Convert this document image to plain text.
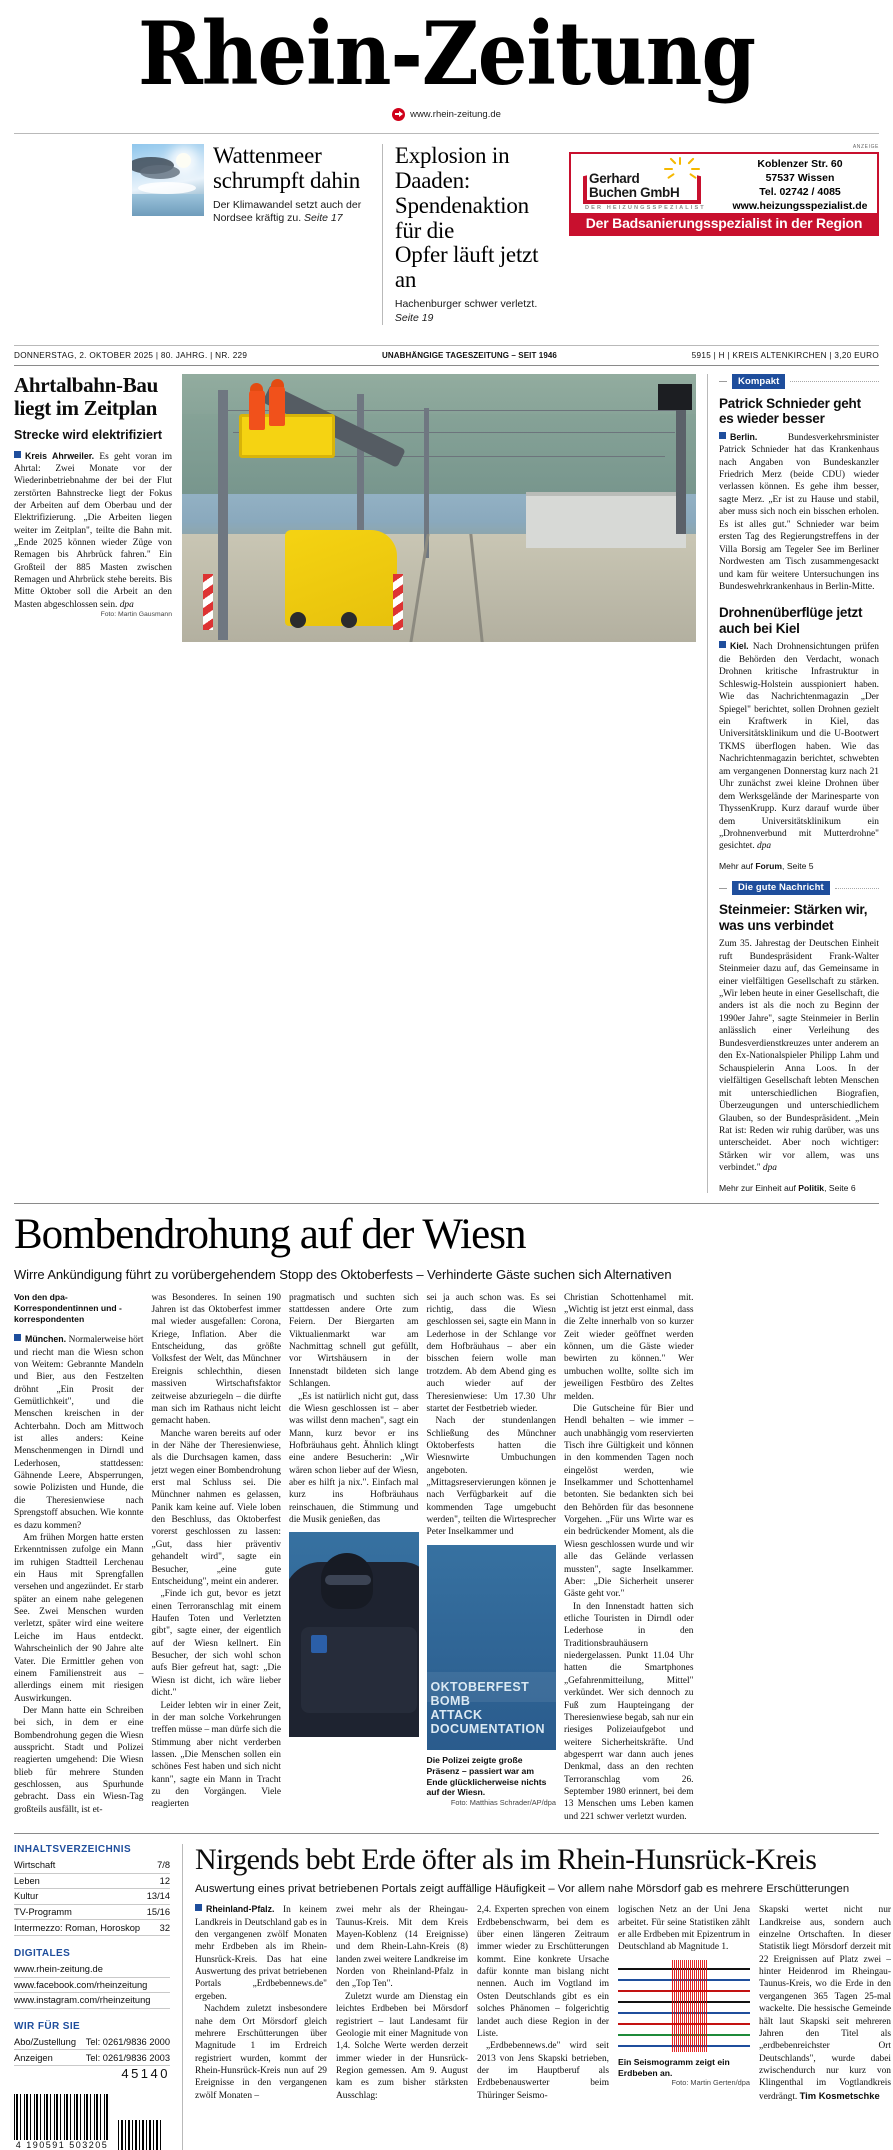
Rhein-Zeitung
www.rhein-zeitung.de
Wattenmeer
schrumpft dahin
Der Klimawandel setzt auch der Nordsee kräftig zu. Seite 17
Explosion in Daaden:
Spendenaktion für die
Opfer läuft jetzt an
Hachenburger schwer verletzt. Seite 19
ANZEIGE
Gerhard
Buchen GmbH
DER HEIZUNGSSPEZIALIST
Koblenzer Str. 60
57537 Wissen
Tel. 02742 / 4085
www.heizungsspezialist.de
Der Badsanierungsspezialist in der Region
DONNERSTAG, 2. OKTOBER 2025 | 80. JAHRG. | NR. 229	UNABHÄNGIGE TAGESZEITUNG – SEIT 1946	5915 | H | KREIS ALTENKIRCHEN | 3,20 EURO
Ahrtalbahn-Bau
liegt im Zeitplan
Strecke wird elektrifiziert
Kreis Ahrweiler. Es geht voran im Ahrtal: Zwei Monate vor der Wiederinbetriebnahme der bei der Flut zerstörten Bahnstrecke liegt der Fokus der Arbeiten auf dem Oberbau und der Elektrifizierung. „Die Arbeiten liegen weiter im Zeitplan", teilte die Bahn mit. „Ende 2025 können wieder Züge von Remagen bis Ahrbrück fahren." Ein Großteil der 885 Masten zwischen Remagen und Ahrbrück stehe bereits. Bis Mitte Oktober soll die Arbeit an den Masten abgeschlossen sein. dpa
Foto: Martin Gausmann
Kompakt
Patrick Schnieder geht es wieder besser
Berlin.	Bundesverkehrsminister Patrick Schnieder hat das Krankenhaus nach Angaben von Bundeskanzler Friedrich Merz (beide CDU) wieder verlassen können. Es gehe ihm besser, sagte Merz. „Er ist zu Hause und stabil, aber muss sich noch ein bisschen erholen. Es ist alles gut." Schnieder war beim ersten Tag des Regierungstreffens in der Villa Borsig am Tegeler See im Berliner Nordwesten am Tisch zusammengesackt und kam für weitere Untersuchungen ins Bundeswehrkrankenhaus in Berlin-Mitte.
Drohnenüberflüge jetzt auch bei Kiel
Kiel. Nach Drohnensichtungen prüfen die Behörden den Verdacht, wonach Drohnen kritische Infrastruktur in Schleswig-Holstein ausspioniert haben. Wie das Nachrichtenmagazin „Der Spiegel" berichtet, sollen Drohnen gezielt ein Kraftwerk in Kiel, das Universitätsklinikum und die U-Bootwert TKMS überflogen haben. Wie das Nachrichtenmagazin berichtet, schwebten am vergangenen Donnerstag kurz nach 21 Uhr zunächst zwei kleine Drohnen über dem Werksgelände der Marinesparte von ThyssenKrupp. Kurz darauf wurde über dem Universitätsklinikum ein „Drohnenverbund mit Mutterdrohne" gesichtet. dpa
Mehr auf Forum, Seite 5
Die gute Nachricht
Steinmeier: Stärken wir, was uns verbindet
Zum 35. Jahrestag der Deutschen Einheit ruft Bundespräsident Frank-Walter Steinmeier dazu auf, das Gemeinsame in einer vielfältigen Gesellschaft zu stärken. „Wir leben heute in einer Gesellschaft, die anders ist als die noch zu Beginn der 1990er Jahre", sagte Steinmeier in Berlin anlässlich einer Verleihung des Bundesverdienstkreuzes unter anderem an den Ex-Nationalspieler Philipp Lahm und Schauspielerin Anna Loos. In der vielfältigen Gesellschaft lebten Menschen mit unterschiedlichen Biografien, Überzeugungen und unterschiedlichem Glauben, so der Bundespräsident. „Mein Rat ist: Reden wir ruhig darüber, was uns unterscheidet. Aber noch wichtiger: Stärken wir vor allem, was uns verbindet." dpa
Mehr zur Einheit auf Politik, Seite 6
Bombendrohung auf der Wiesn
Wirre Ankündigung führt zu vorübergehendem Stopp des Oktoberfests – Verhinderte Gäste suchen sich Alternativen
Von den dpa-Korrespondentinnen und -korrespondenten

München. Normalerweise hört und riecht man die Wiesn schon von Weitem: Gebrannte Mandeln und Bier, aus den Festzelten dröhnt „Ein Prosit der Gemütlichkeit", und die Menschen kreischen in der Achterbahn. Doch am Mittwoch ist alles anders: Keine Menschenmengen in Dirndl und Lederhosen, stattdessen: Gähnende Leere, Absperrungen, sowie Polizisten und Hunde, die die Theresienwiese nach Sprengstoff absuchen. Wie konnte es dazu kommen?

Am frühen Morgen hatte ersten Erkenntnissen zufolge ein Mann im ruhigen Stadtteil Lerchenau ein Haus mit Sprengfallen versehen und angezündet. Er starb später an einem nahe gelegenen See. Zwei Menschen wurden verletzt, später wird eine weitere Leiche im Haus entdeckt. Wahrscheinlich der 90 Jahre alte Vater. Die Ermittler gehen von einem Familienstreit aus – allerdings einem mit riesigen Auswirkungen.

Der Mann hatte ein Schreiben bei sich, in dem er eine Bombendrohung gegen die Wiesn ausspricht. Stadt und Polizei reagierten umgehend: Die Wiesn blieb für mehrere Stunden geschlossen, aus Spurhunde gebracht. Dass ein Wiesn-Tag großteils ausfällt, ist et-

was Besonderes. In seinen 190 Jahren ist das Oktoberfest immer mal wieder ausgefallen: Corona, Kriege, Inflation. Aber die Entscheidung, das größte Volksfest der Welt, das Münchner Ereignis schlechthin, diesen massiven Wirtschaftsfaktor zeitweise abzuriegeln – die dürfte man sich im Rathaus nicht leicht gemacht haben.

Manche waren bereits auf oder in der Nähe der Theresienwiese, als die Durchsagen kamen, dass jetzt wegen einer Bombendrohung erst mal Schluss sei. Die Münchner nahmen es gelassen, Panik kam keine auf. Viele loben den Beschluss, das Oktoberfest vorerst geschlossen zu lassen: „Gut, dass hier präventiv gehandelt wird", sagte ein Besucher, „eine gute Entscheidung", meint ein anderer.

„Finde ich gut, bevor es jetzt einen Terroranschlag mit einem Haufen Toten und Verletzten gibt", sagte einer, der eigentlich auf der Wiesn kellnert. Ein Besucher, der sich wohl schon aufs Bier gefreut hat, sagt: „Die Wiesn ist dicht, ich wäre lieber dicht."

Leider lebten wir in einer Zeit, in der man solche Vorkehrungen treffen müsse – man dürfe sich die Stimmung aber nicht verderben lassen. „Die Menschen sollen ein schönes Fest haben und sich nicht kann", sagte ein Mann in Tracht zu den Vorgängen. Viele reagierten

pragmatisch und suchten sich stattdessen andere Orte zum Feiern. Der Biergarten am Viktualienmarkt war am Nachmittag schnell gut gefüllt, vor Wirtshäusern in der Innenstadt bildeten sich lange Schlangen.

„Es ist natürlich nicht gut, dass die Wiesn geschlossen ist – aber was willst denn machen", sagt ein Mann, kurz bevor er ins Hofbräuhaus geht. Ähnlich klingt eine andere Besucherin: „Wir wären schon lieber auf der Wiesn, aber es hilft ja nix.". Einfach mal kurz ins Hofbräuhaus reinschauen, die Stimmung und die Musik genießen, das

sei ja auch schon was. Es sei richtig, dass die Wiesn geschlossen sei, sagte ein Mann in Lederhose in der Schlange vor dem Hofbräuhaus – aber ein bisschen feiern wolle man trotzdem. Ab dem Abend ging es auch wieder auf der Theresienwiese: Um 17.30 Uhr startet der Festbetrieb wieder.

Nach der stundenlangen Schließung des Münchner Oktoberfests hatten die Wiesnwirte Umbuchungen angeboten. „Mittagsreservierungen können je nach Verfügbarkeit auf die kommenden Tage umgebucht werden", teilten die Wirtesprecher Peter Inselkammer und

OKTOBERFEST BOMB
ATTACK DOCUMENTATION
Die Polizei zeigte große Präsenz – passiert war am Ende glücklicherweise nichts auf der Wiesn.
Foto: Matthias Schrader/AP/dpa

Christian Schottenhamel mit. „Wichtig ist jetzt erst einmal, dass die Zelte innerhalb von so kurzer Zeit wieder geöffnet werden können, um die Gäste wieder bewirten zu können." Wer umbuchen wollte, sollte sich im jeweiligen Festbüro des Zeltes melden.

Die Gutscheine für Bier und Hendl behalten – wie immer – auch unabhängig vom reservierten Tisch ihre Gültigkeit und können in den kommenden Tagen noch eingelöst werden, wie Inselkammer und Schottenhamel betonten. Sie bedankten sich bei den Behörden für das besonnene Vorgehen. „Für uns Wirte war es ein bedrückender Moment, als die Wiesn geschlossen wurde und wir alle das Gelände verlassen mussten", sagte Inselkammer. Aber: „Die Sicherheit unserer Gäste geht vor."

In den Innenstadt hatten sich etliche Touristen in Dirndl oder Lederhose in den Traditionsbrauhäusern niedergelassen. Punkt 11.04 Uhr hatten die Smartphones „Gefahrenmitteilung, Mittel" verkündet. Wer sich dennoch zu Fuß zum Haupteingang der Theresienwiese begab, sah nur ein riesiges Polizeiaufgebot und weitere Sicherheitskräfte. Und abgesperrt war dann auch jenes Denkmal, dass an den rechten Terroranschlag vom 26. September 1980 erinnert, bei dem 13 Menschen ums Leben kamen und 221 schwer verletzt wurden.

INHALTSVERZEICHNIS
Wirtschaft	7/8
Leben	12
Kultur	13/14
TV-Programm	15/16
Intermezzo: Roman, Horoskop 32
DIGITALES
www.rhein-zeitung.de
www.facebook.com/rheinzeitung
www.instagram.com/rheinzeitung
WIR FÜR SIE
Abo/Zustellung Tel: 0261/9836 2000
Anzeigen	Tel: 0261/9836 2003
45140
4 190591 503205
Nirgends bebt Erde öfter als im Rhein-Hunsrück-Kreis
Auswertung eines privat betriebenen Portals zeigt auffällige Häufigkeit – Vor allem nahe Mörsdorf gab es mehrere Erschütterungen

Rheinland-Pfalz. In keinem Landkreis in Deutschland gab es in den vergangenen zwölf Monaten mehr Erdbeben als im Rhein-Hunsrück-Kreis. Das hat eine Auswertung des privat betriebenen Portals „Erdbebennews.de" ergeben.

Nachdem zuletzt insbesondere nahe dem Ort Mörsdorf gleich mehrere Erschütterungen über Magnitude 1 im Erdreich registriert wurden, kommt der Rhein-Hunsrück-Kreis nun auf 29 Ereignisse in den vergangenen zwölf Monaten –

zwei mehr als der Rheingau-Taunus-Kreis. Mit dem Kreis Mayen-Koblenz (14 Ereignisse) und dem Rhein-Lahn-Kreis (8) landen zwei weitere Landkreise im Norden von Rheinland-Pfalz in den „Top Ten".

Zuletzt wurde am Dienstag ein leichtes Erdbeben bei Mörsdorf registriert – laut Landesamt für Geologie mit einer Magnitude von 1,4. Solche Werte werden derzeit immer wieder in der Hunsrück-Region gemessen. Am 9. August kam es zum bisher stärksten Ausschlag:

2,4. Experten sprechen von einem Erdbebenschwarm, bei dem es über einen längeren Zeitraum immer wieder zu Erschütterungen kommt. Eine konkrete Ursache dafür konnte man bislang nicht nennen. Auch im Vogtland im Osten Deutschlands gibt es ein solches Phänomen – folgerichtig landet auch diese Region in der Liste.

„Erdbebennews.de" wird seit 2013 von Jens Skapski betrieben, der im Hauptberuf als Erdbebenauswerter beim Thüringer Seismo-

logischen Netz an der Uni Jena arbeitet. Für seine Statistiken zählt er alle Erdbeben mit Epizentrum in Deutschland ab Magnitude 1.

Ein Seismogramm zeigt ein Erdbeben an.
Foto: Martin Gerten/dpa

Skapski wertet nicht nur Landkreise aus, sondern auch einzelne Ortschaften. In dieser Statistik liegt Mörsdorf derzeit mit 22 Ereignissen auf Platz zwei – hinter Heidenrod im Rheingau-Taunus-Kreis, wo die Erde in den vergangenen 365 Tagen 25-mal wackelte. Die hessische Gemeinde hält laut Skapski seit mehreren Jahren den Titel als „erdbebenreichster Ort Deutschlands", wurde dabei zwischendurch nur kurz von Klingenthal im Vogtlandkreis verdrängt. Tim Kosmetschke
